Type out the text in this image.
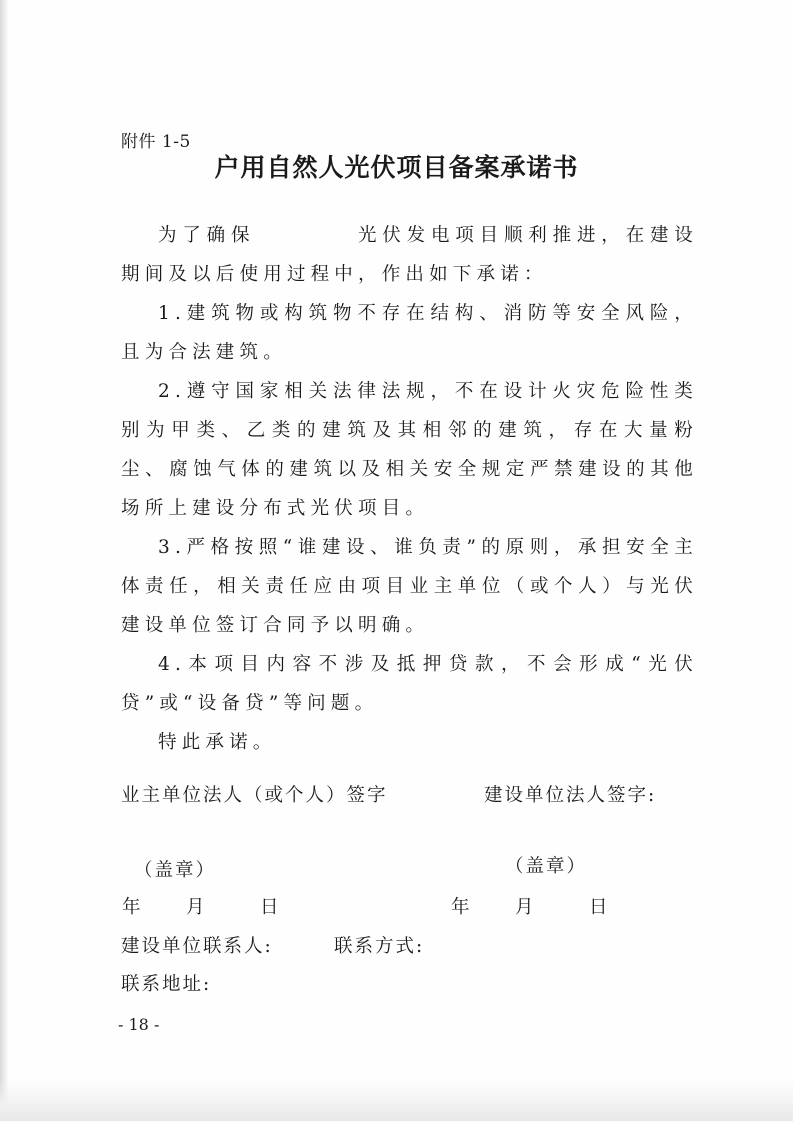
附件 1-5
户用自然人光伏项目备案承诺书

为了确保	光伏发电项目顺利推进，在建设期间及以后使用过程中，作出如下承诺：

1.建筑物或构筑物不存在结构、消防等安全风险，且为合法建筑。

2.遵守国家相关法律法规，不在设计火灾危险性类别为甲类、乙类的建筑及其相邻的建筑，存在大量粉尘、腐蚀气体的建筑以及相关安全规定严禁建设的其他场所上建设分布式光伏项目。

3.严格按照“谁建设、谁负责”的原则，承担安全主体责任，相关责任应由项目业主单位（或个人）与光伏建设单位签订合同予以明确。

4.本项目内容不涉及抵押贷款，不会形成“光伏贷”或“设备贷”等问题。

特此承诺。

业主单位法人（或个人）签字	建设单位法人签字:
（盖章）	（盖章）
年 月	日	年 月	日
建设单位联系人:	联系方式:
联系地址:
- 18 -
